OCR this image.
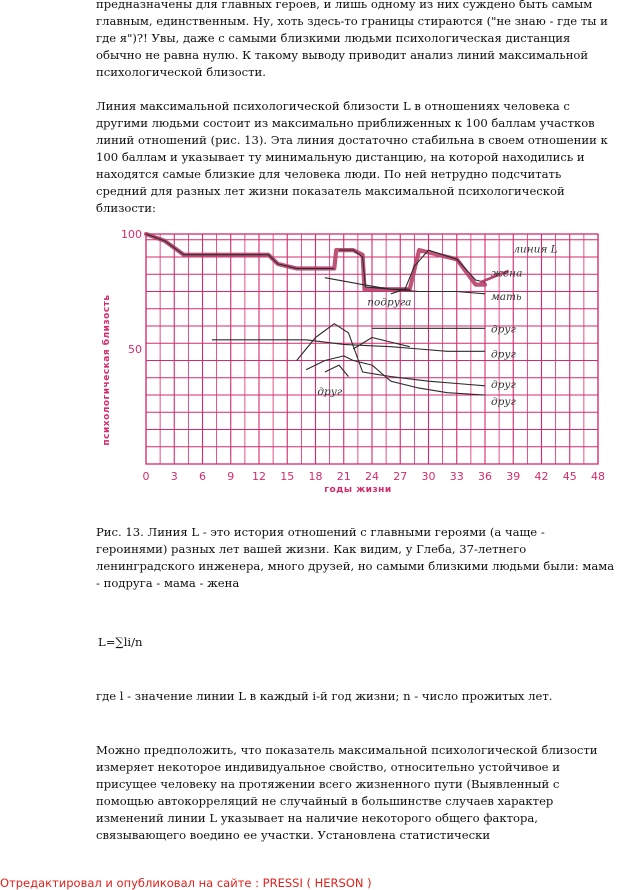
предназначены для главных героев, и лишь одному из них суждено быть самым главным, единственным. Ну, хоть здесь-то границы стираются ("не знаю - где ты и где я")?! Увы, даже с самыми близкими людьми психологическая дистанция обычно не равна нулю. К такому выводу приводит анализ линий максимальной психологической близости.

Линия максимальной психологической близости L в отношениях человека с другими людьми состоит из максимально приближенных к 100 баллам участков линий отношений (рис. 13). Эта линия достаточно стабильна в своем отношении к 100 баллам и указывает ту минимальную дистанцию, на которой находились и находятся самые близкие для человека люди. По ней нетрудно подсчитать средний для разных лет жизни показатель максимальной психологической близости:

100
50
0 3 6 9 12 15 18 21 24 27 30 33 36 39 42 45 48
психологическая близость
годы жизни
линия L
жена
мать
подруга
друг
друг
друг
друг
друг

Рис. 13. Линия L - это история отношений с главными героями (а чаще - героинями) разных лет вашей жизни. Как видим, у Глеба, 37-летнего ленинградского инженера, много друзей, но самыми близкими людьми были: мама - подруга - мама - жена

L=∑li/n

где l - значение линии L в каждый i-й год жизни; n - число прожитых лет.

Можно предположить, что показатель максимальной психологической близости измеряет некоторое индивидуальное свойство, относительно устойчивое и присущее человеку на протяжении всего жизненного пути (Выявленный с помощью автокорреляций не случайный в большинстве случаев характер изменений линии L указывает на наличие некоторого общего фактора, связывающего воедино ее участки. Установлена статистически

Отредактировал и опубликовал на сайте : PRESSI ( HERSON )
